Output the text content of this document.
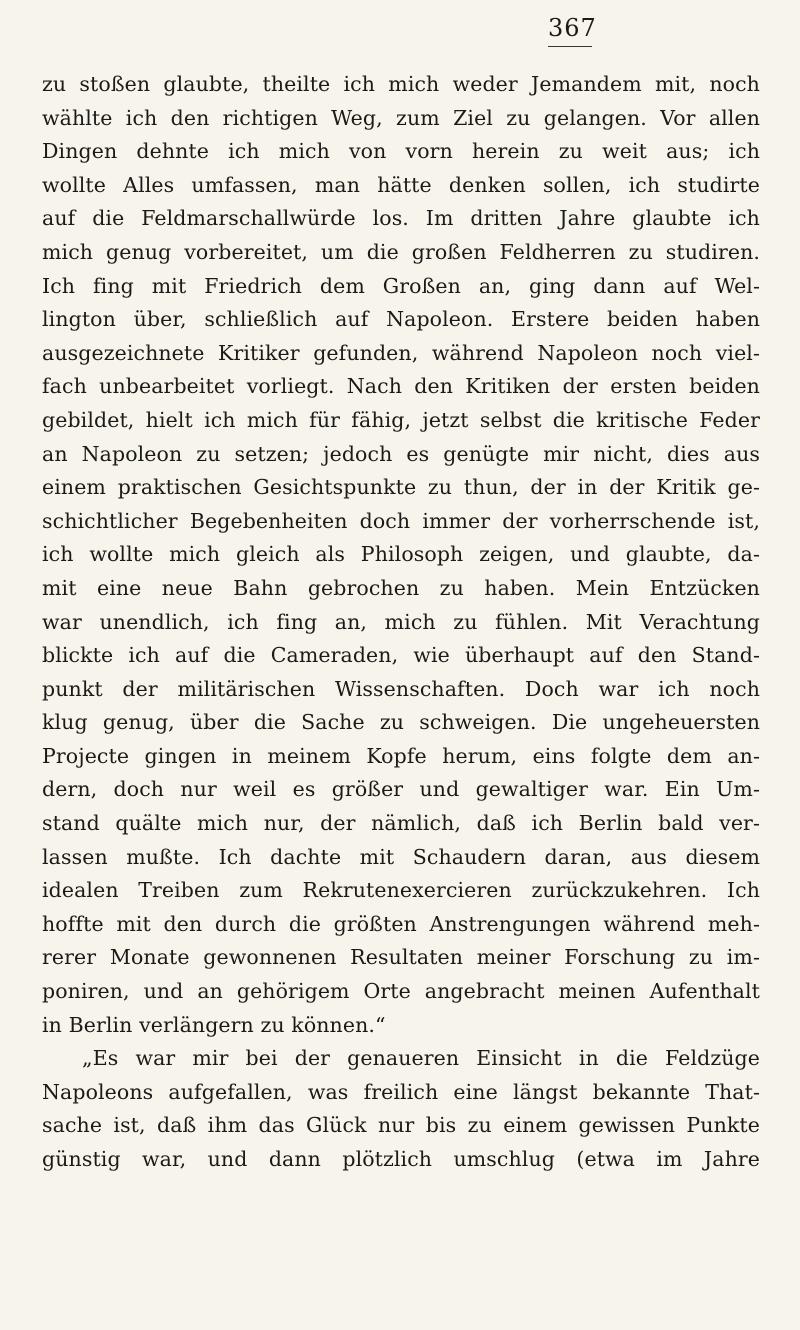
367
zu stoßen glaubte, theilte ich mich weder Jemandem mit, noch
wählte ich den richtigen Weg, zum Ziel zu gelangen. Vor allen
Dingen dehnte ich mich von vorn herein zu weit aus; ich
wollte Alles umfassen, man hätte denken sollen, ich studirte
auf die Feldmarschallwürde los. Im dritten Jahre glaubte ich
mich genug vorbereitet, um die großen Feldherren zu studiren.
Ich fing mit Friedrich dem Großen an, ging dann auf Wel-
lington über, schließlich auf Napoleon. Erstere beiden haben
ausgezeichnete Kritiker gefunden, während Napoleon noch viel-
fach unbearbeitet vorliegt. Nach den Kritiken der ersten beiden
gebildet, hielt ich mich für fähig, jetzt selbst die kritische Feder
an Napoleon zu setzen; jedoch es genügte mir nicht, dies aus
einem praktischen Gesichtspunkte zu thun, der in der Kritik ge-
schichtlicher Begebenheiten doch immer der vorherrschende ist,
ich wollte mich gleich als Philosoph zeigen, und glaubte, da-
mit eine neue Bahn gebrochen zu haben. Mein Entzücken
war unendlich, ich fing an, mich zu fühlen. Mit Verachtung
blickte ich auf die Cameraden, wie überhaupt auf den Stand-
punkt der militärischen Wissenschaften. Doch war ich noch
klug genug, über die Sache zu schweigen. Die ungeheuersten
Projecte gingen in meinem Kopfe herum, eins folgte dem an-
dern, doch nur weil es größer und gewaltiger war. Ein Um-
stand quälte mich nur, der nämlich, daß ich Berlin bald ver-
lassen mußte. Ich dachte mit Schaudern daran, aus diesem
idealen Treiben zum Rekrutenexercieren zurückzukehren. Ich
hoffte mit den durch die größten Anstrengungen während meh-
rerer Monate gewonnenen Resultaten meiner Forschung zu im-
poniren, und an gehörigem Orte angebracht meinen Aufenthalt
in Berlin verlängern zu können.“
„Es war mir bei der genaueren Einsicht in die Feldzüge
Napoleons aufgefallen, was freilich eine längst bekannte That-
sache ist, daß ihm das Glück nur bis zu einem gewissen Punkte
günstig war, und dann plötzlich umschlug (etwa im Jahre
